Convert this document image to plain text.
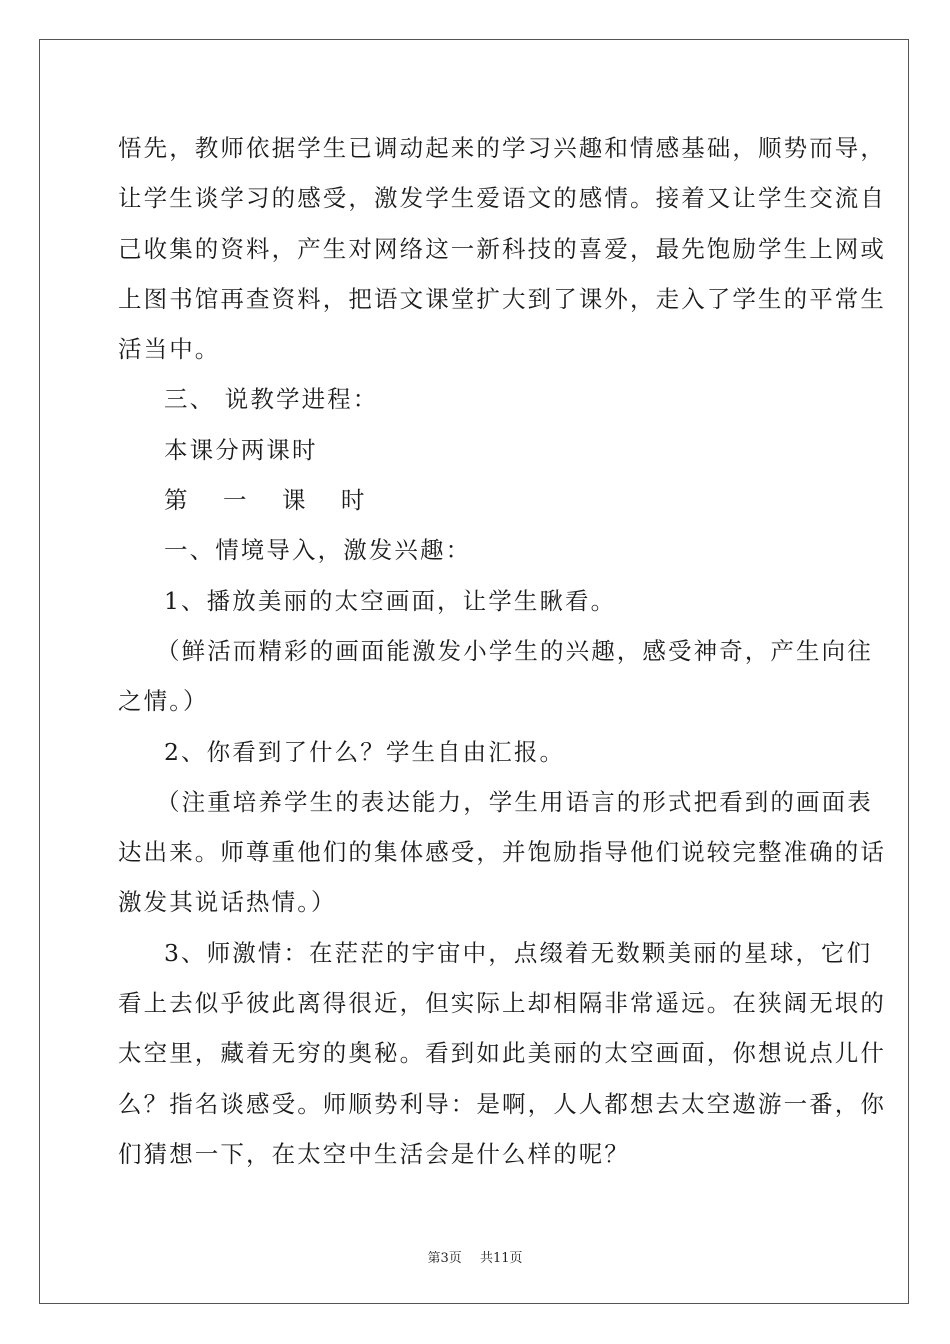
悟先，教师依据学生已调动起来的学习兴趣和情感基础，顺势而导，
让学生谈学习的感受，激发学生爱语文的感情。接着又让学生交流自
己收集的资料，产生对网络这一新科技的喜爱，最先饱励学生上网或
上图书馆再查资料，把语文课堂扩大到了课外，走入了学生的平常生
活当中。
三、 说教学进程：
本课分两课时
第 一 课 时
一、情境导入，激发兴趣：
1、播放美丽的太空画面，让学生瞅看。
（鲜活而精彩的画面能激发小学生的兴趣，感受神奇，产生向往
之情。）
2、你看到了什么？学生自由汇报。
（注重培养学生的表达能力，学生用语言的形式把看到的画面表
达出来。师尊重他们的集体感受，并饱励指导他们说较完整准确的话
激发其说话热情。）
3、师激情：在茫茫的宇宙中，点缀着无数颗美丽的星球，它们
看上去似乎彼此离得很近，但实际上却相隔非常遥远。在狭阔无垠的
太空里，藏着无穷的奥秘。看到如此美丽的太空画面，你想说点儿什
么？指名谈感受。师顺势利导：是啊，人人都想去太空遨游一番，你
们猜想一下，在太空中生活会是什么样的呢？
第3页 共11页
